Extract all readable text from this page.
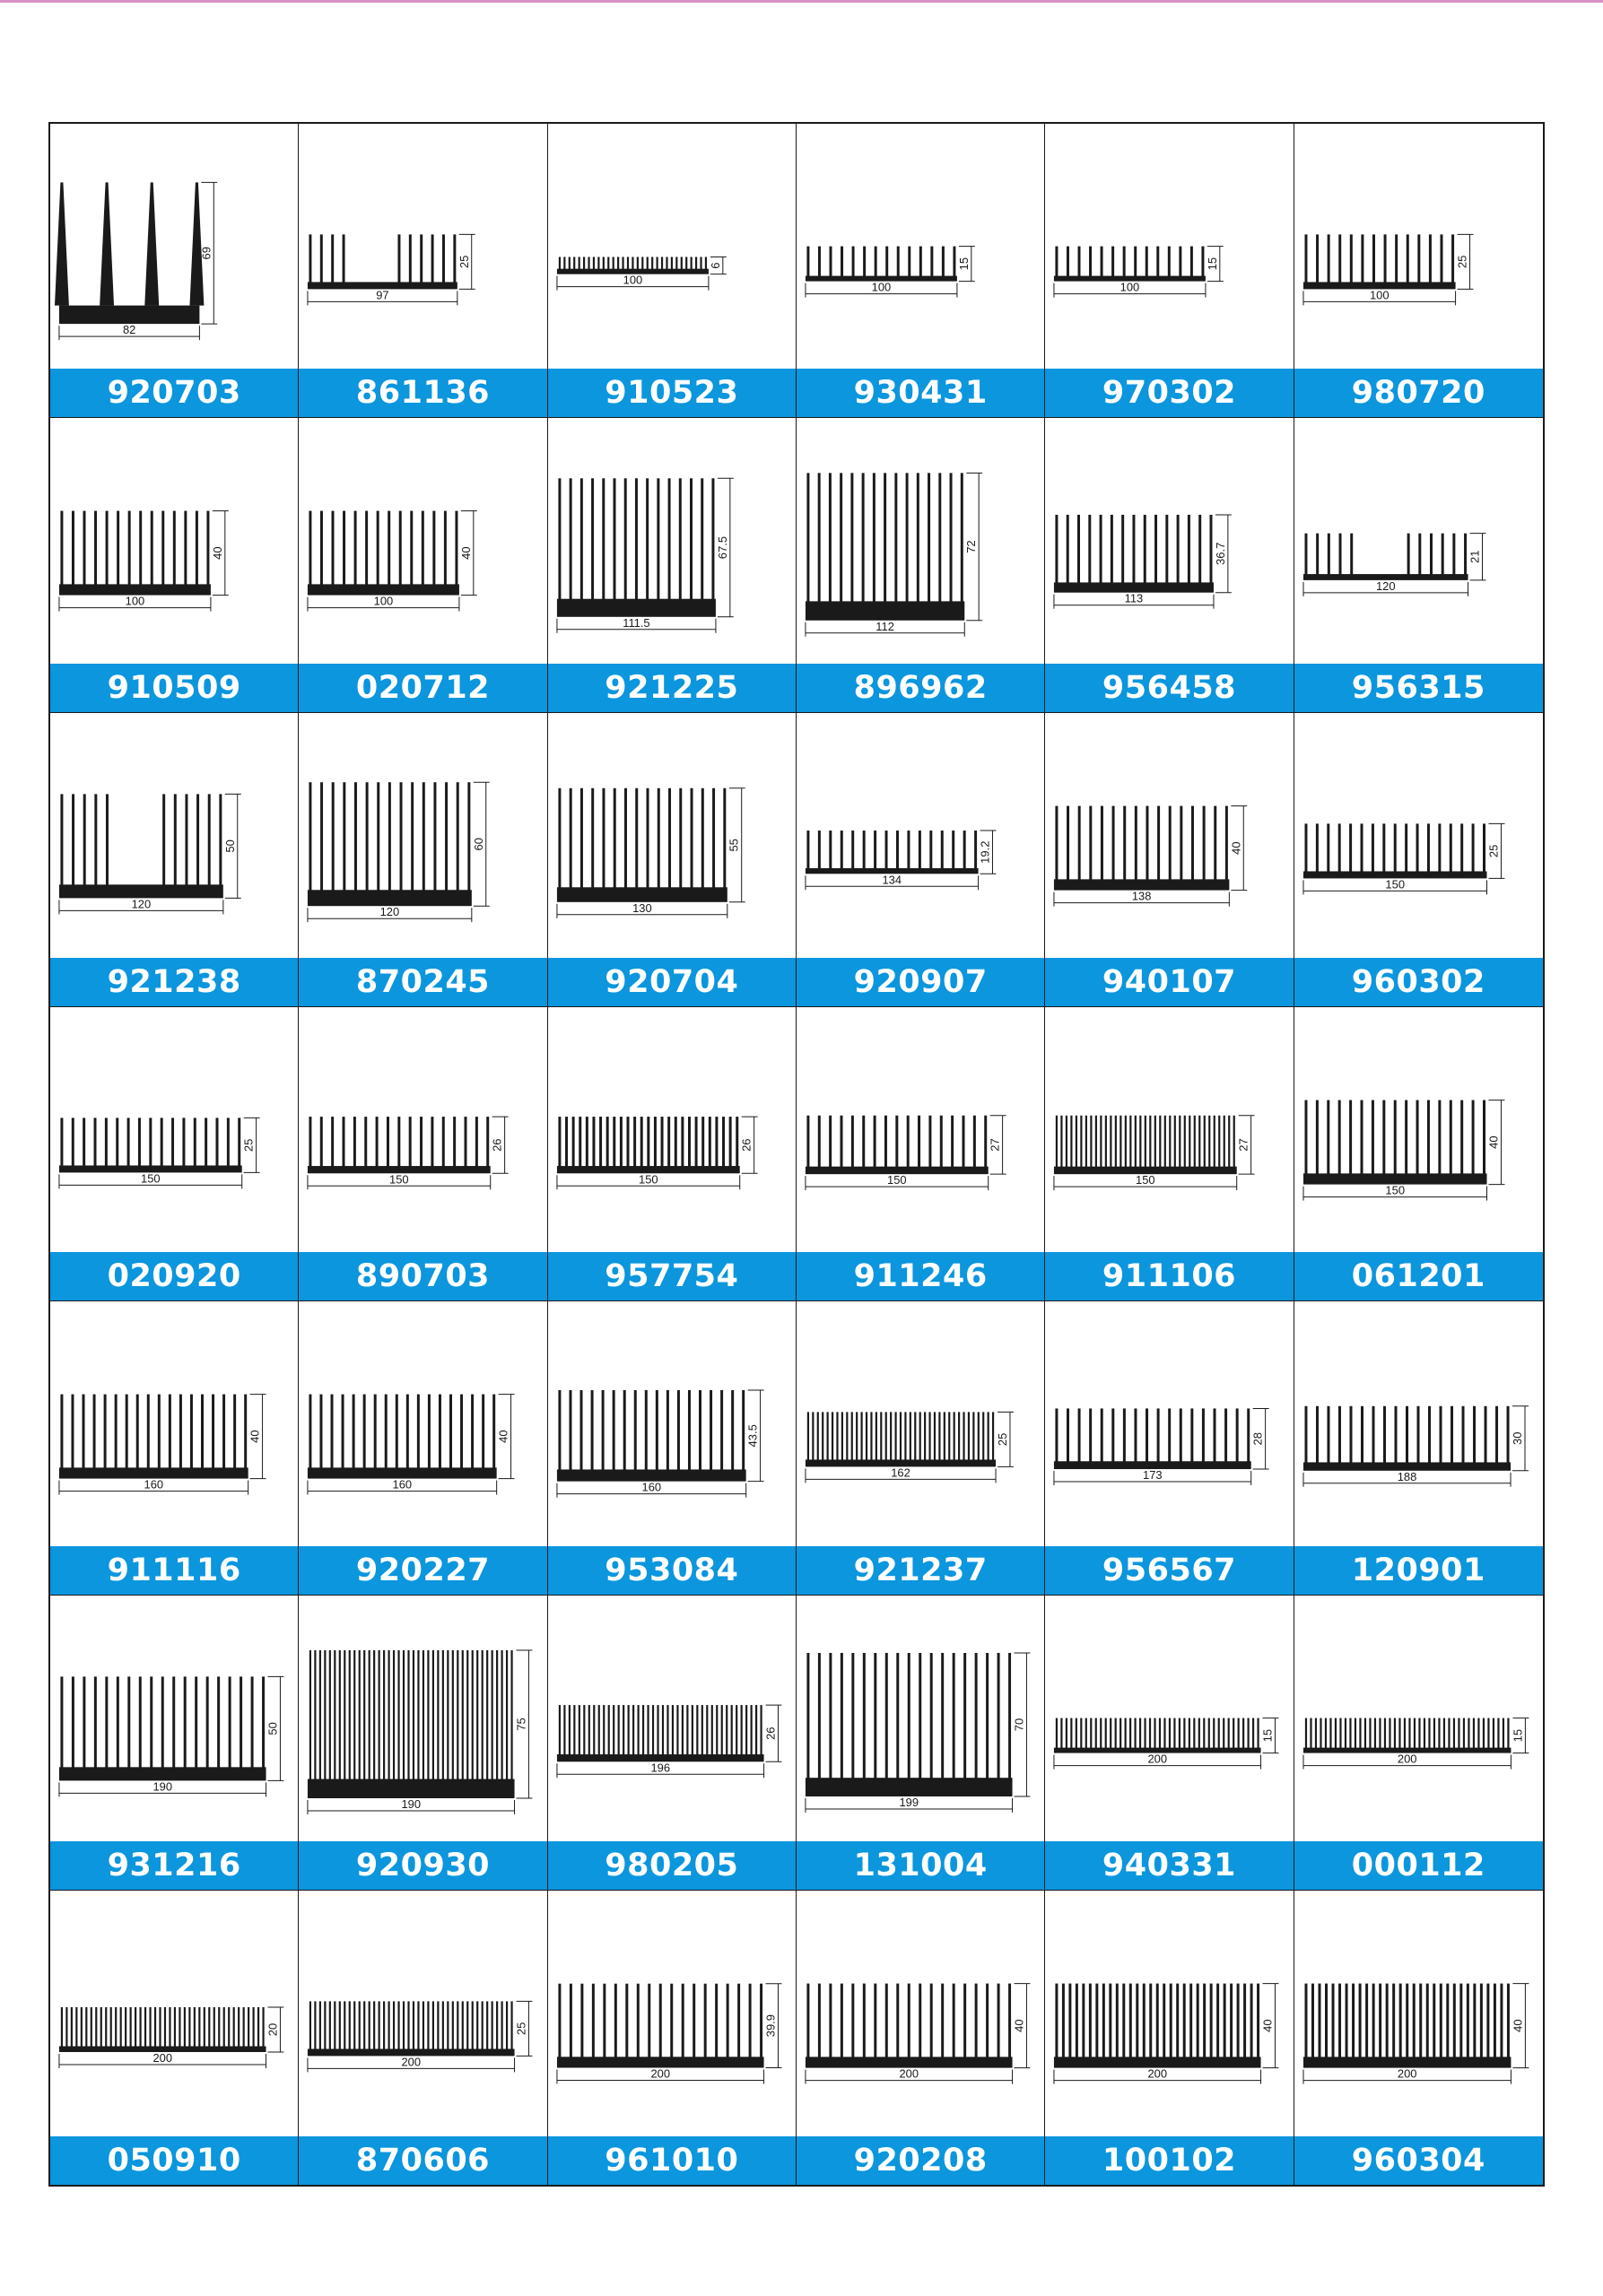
82
69
920703
97
25
861136
100
6
910523
100
15
930431
100
15
970302
100
25
980720
100
40
910509
100
40
020712
111.5
67.5
921225
112
72
896962
113
36.7
956458
120
21
956315
120
50
921238
120
60
870245
130
55
920704
134
19.2
920907
138
40
940107
150
25
960302
150
25
020920
150
26
890703
150
26
957754
150
27
911246
150
27
911106
150
40
061201
160
40
911116
160
40
920227
160
43.5
953084
162
25
921237
173
28
956567
188
30
120901
190
50
931216
190
75
920930
196
26
980205
199
70
131004
200
15
940331
200
15
000112
200
20
050910
200
25
870606
200
39.9
961010
200
40
920208
200
40
100102
200
40
960304
